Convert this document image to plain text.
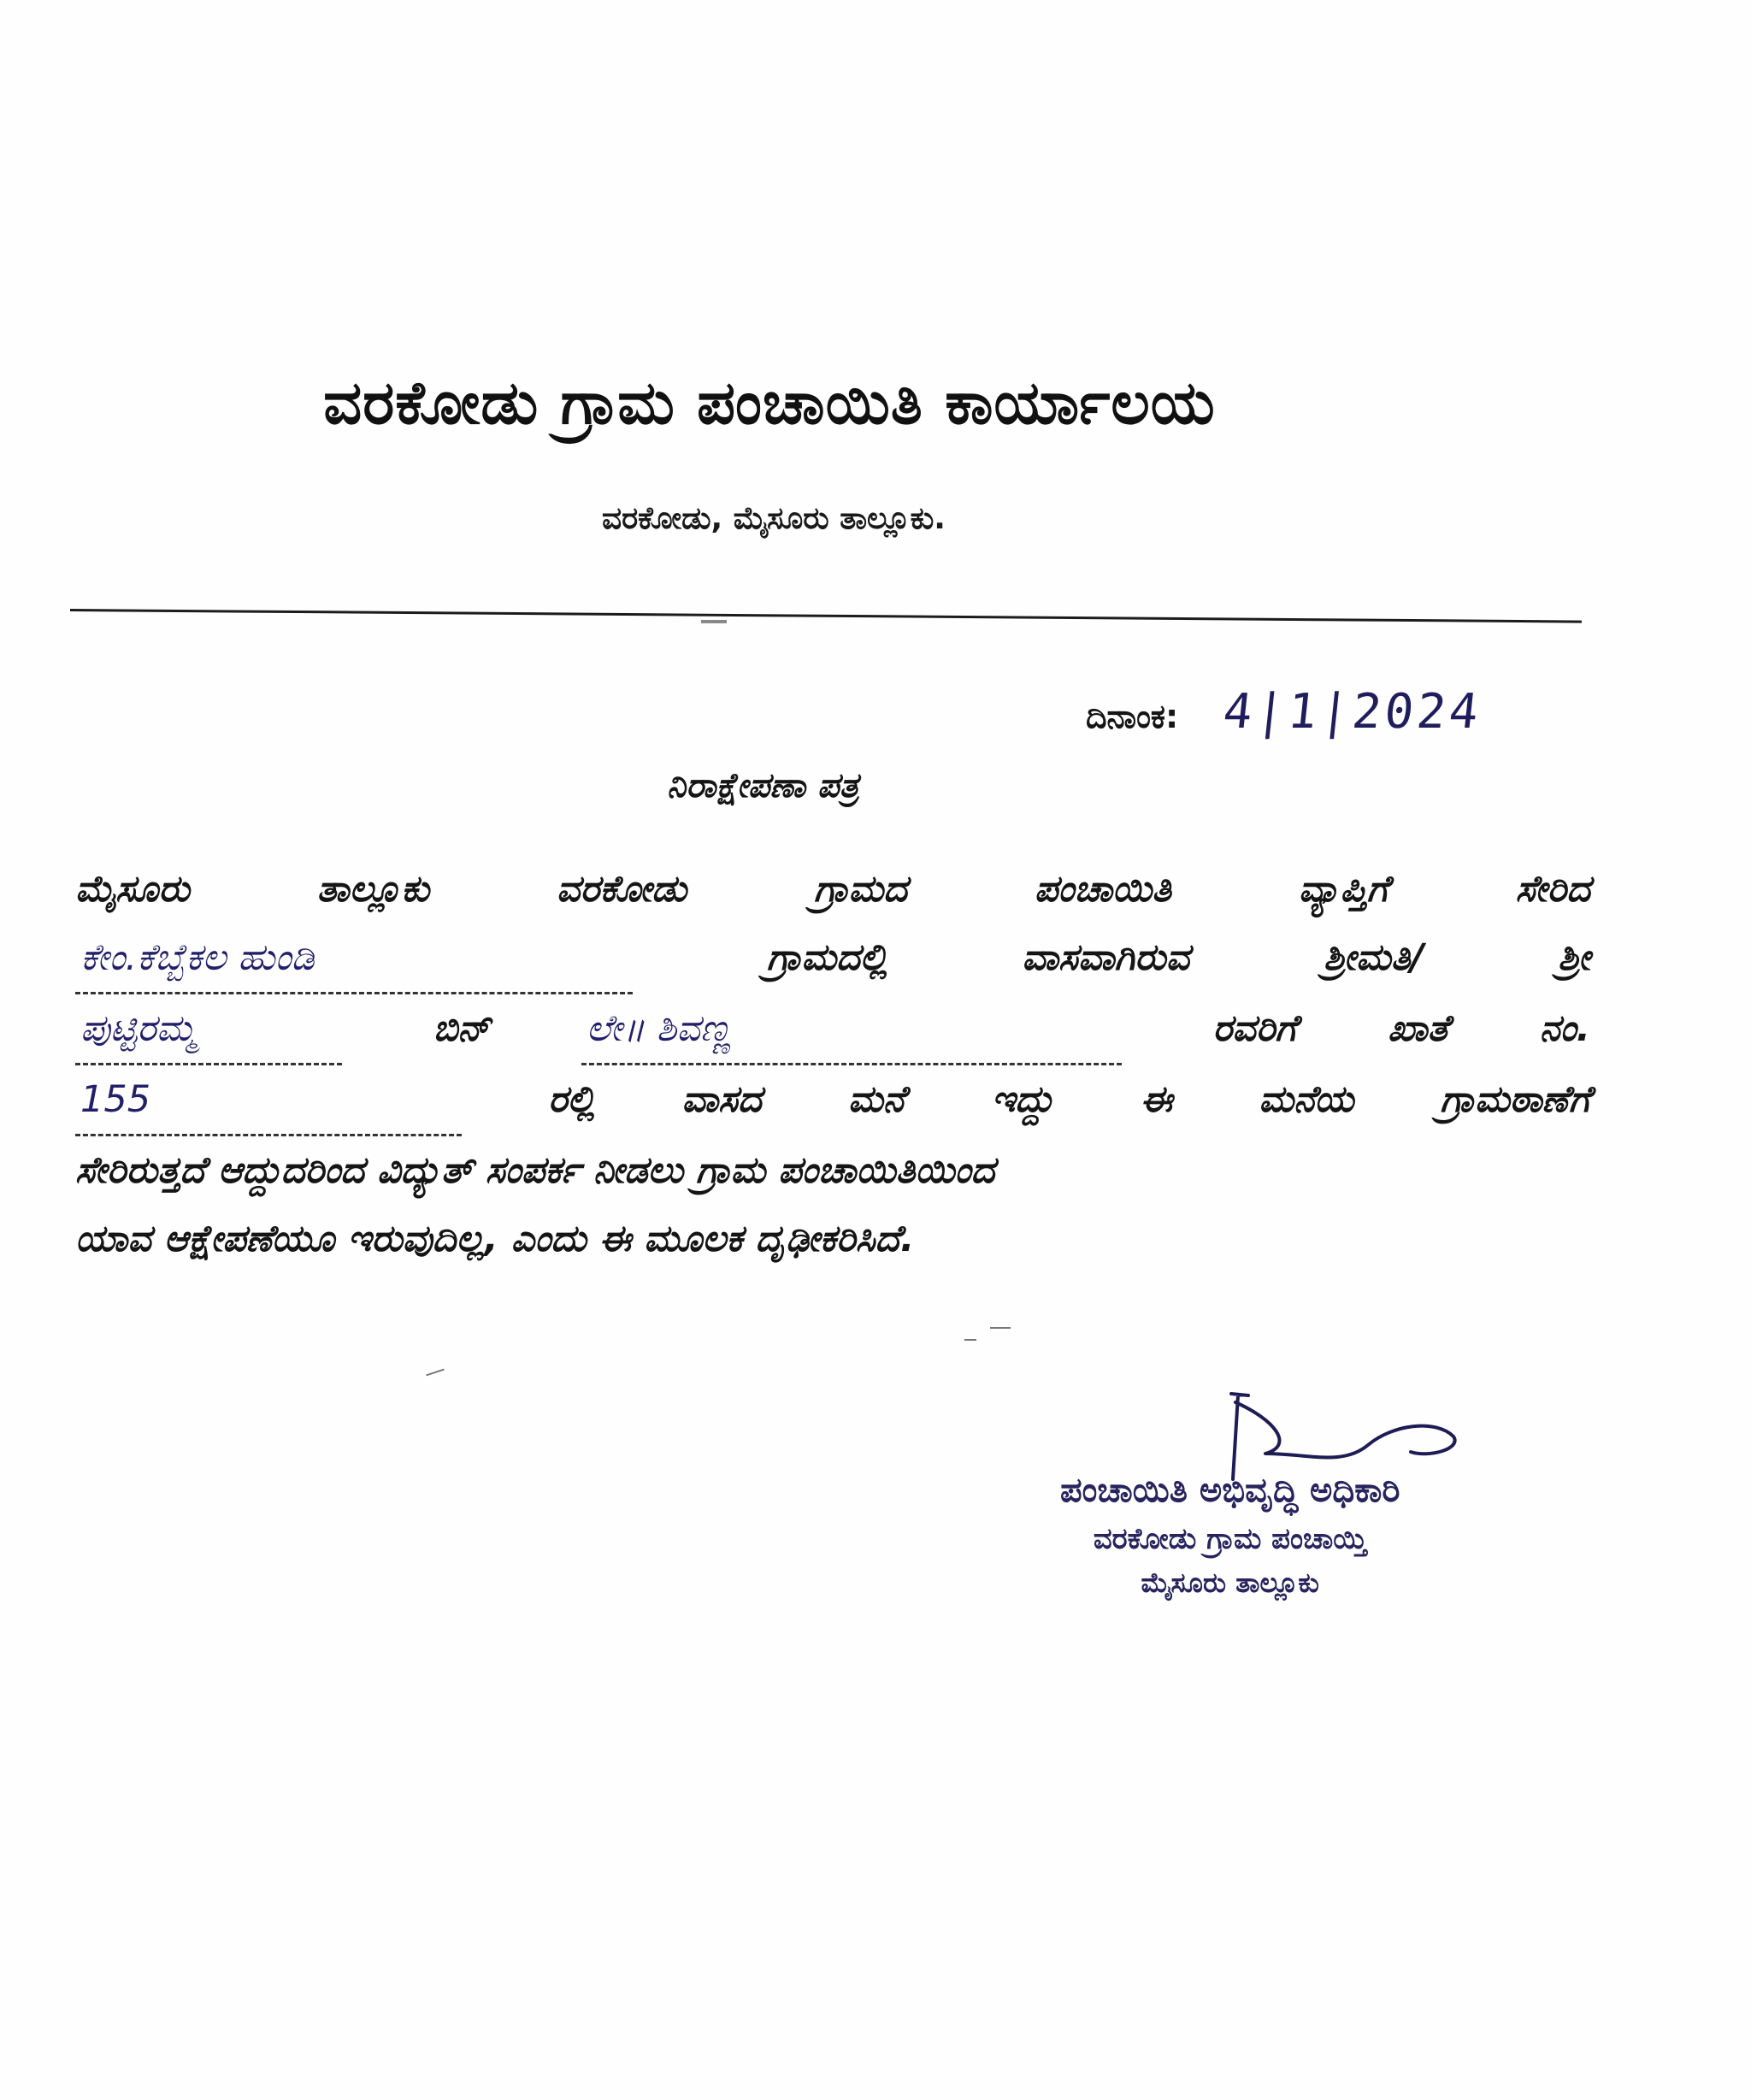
ವರಕೋಡು ಗ್ರಾಮ ಪಂಚಾಯಿತಿ ಕಾರ್ಯಾಲಯ
ವರಕೋಡು, ಮೈಸೂರು ತಾಲ್ಲೂಕು.
ದಿನಾಂಕ: 4|1|2024
ನಿರಾಕ್ಷೇಪಣಾ ಪತ್ರ
ಮೈಸೂರು	ತಾಲ್ಲೂಕು	ವರಕೋಡು	ಗ್ರಾಮದ	ಪಂಚಾಯಿತಿ	ವ್ಯಾಪ್ತಿಗೆ	ಸೇರಿದ
ಕೇಂ.ಕೆಬ್ಬೆಕಲ ಹುಂಡಿ	ಗ್ರಾಮದಲ್ಲಿ	ವಾಸವಾಗಿರುವ	ಶ್ರೀಮತಿ/	ಶ್ರೀ
ಪುಟ್ಟಿರಮ್ಮ	ಬಿನ್	ಲೇ॥ ಶಿವಣ್ಣ	ರವರಿಗೆ ಖಾತೆ ನಂ.
155	ರಲ್ಲಿ ವಾಸದ ಮನೆ ಇದ್ದು ಈ ಮನೆಯ ಗ್ರಾಮಠಾಣೆಗೆ
ಸೇರಿರುತ್ತದೆ ಆದ್ದುದರಿಂದ ವಿದ್ಯುತ್ ಸಂಪರ್ಕ ನೀಡಲು ಗ್ರಾಮ ಪಂಚಾಯಿತಿಯಿಂದ
ಯಾವ ಆಕ್ಷೇಪಣೆಯೂ ಇರುವುದಿಲ್ಲ, ಎಂದು ಈ ಮೂಲಕ ದೃಢೀಕರಿಸಿದೆ.
ಪಂಚಾಯಿತಿ ಅಭಿವೃದ್ಧಿ ಅಧಿಕಾರಿ
ವರಕೋಡು ಗ್ರಾಮ ಪಂಚಾಯ್ತಿ
ಮೈಸೂರು ತಾಲ್ಲೂಕು
